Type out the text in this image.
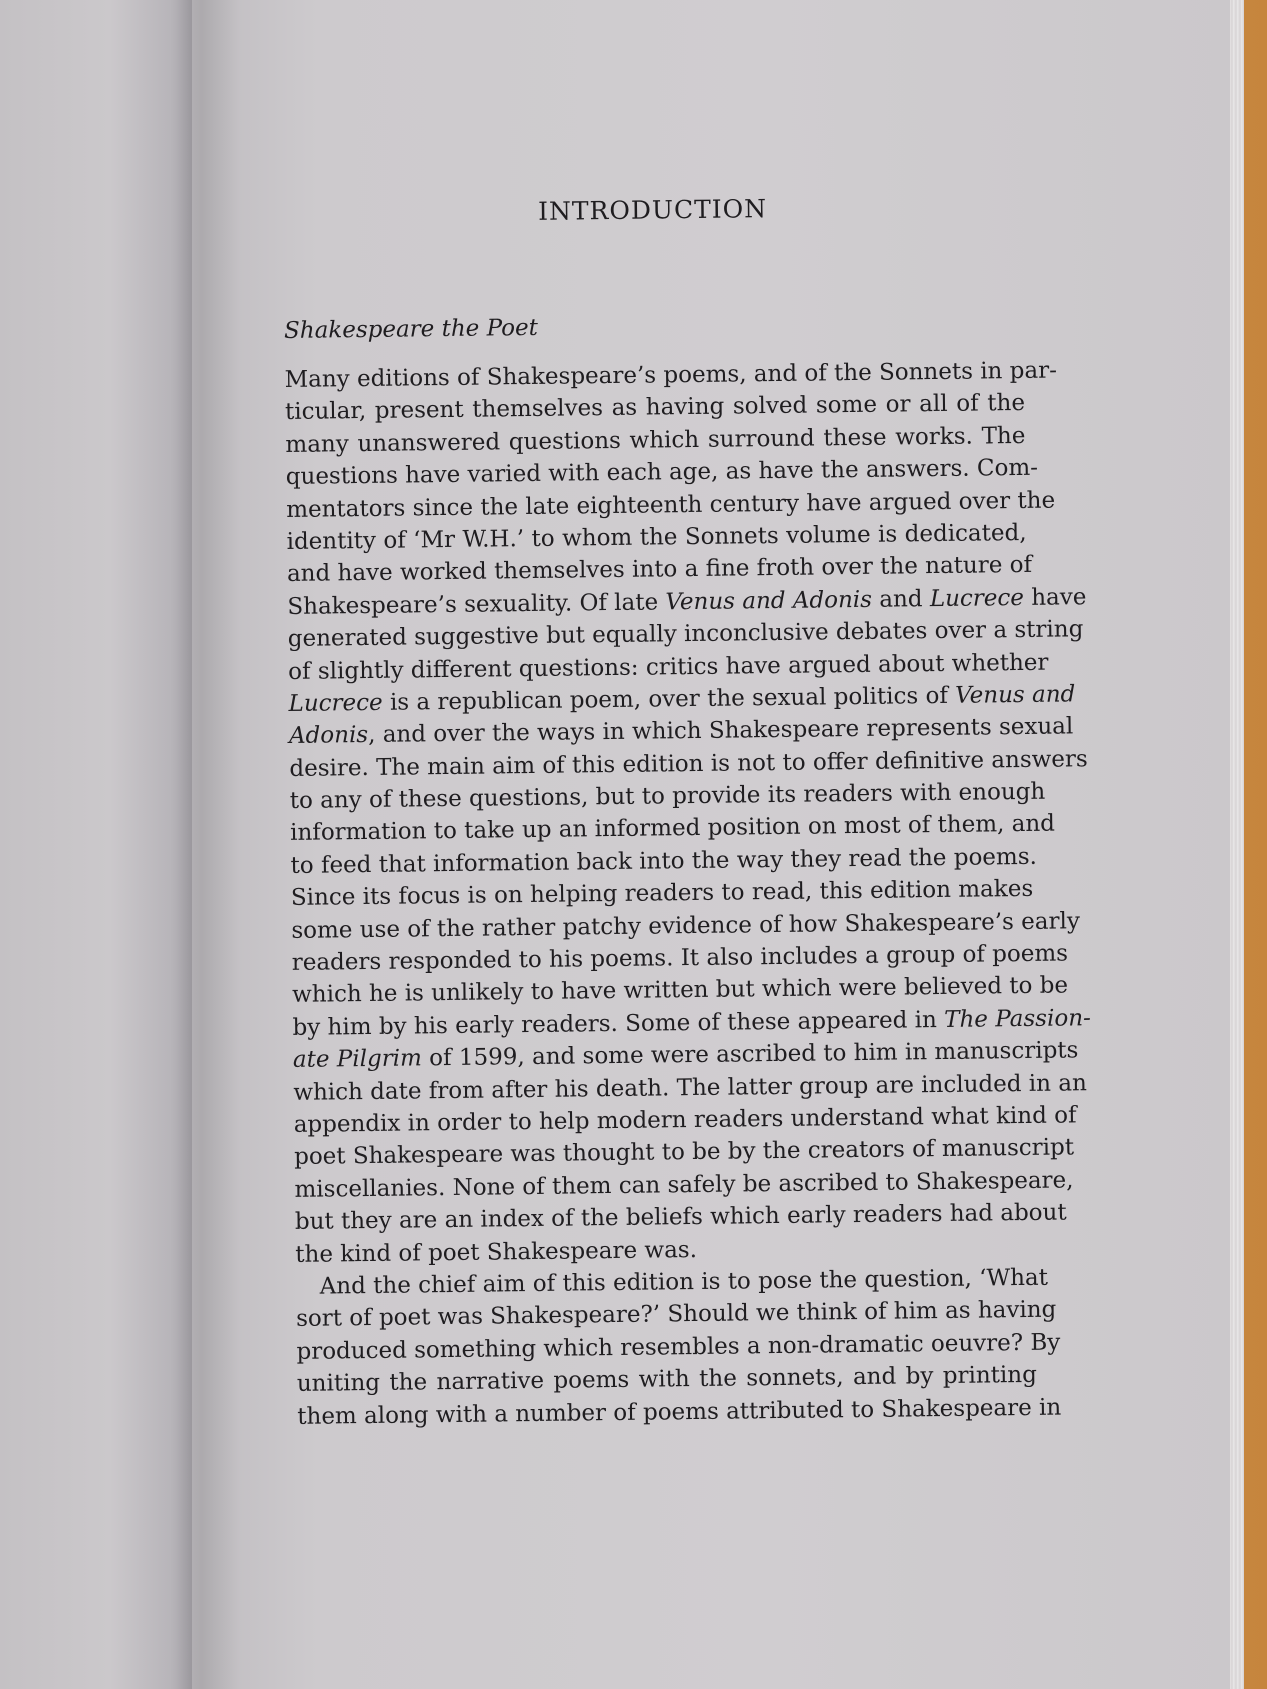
INTRODUCTION
Shakespeare the Poet
Many editions of Shakespeare’s poems, and of the Sonnets in par-
ticular, present themselves as having solved some or all of the
many unanswered questions which surround these works. The
questions have varied with each age, as have the answers. Com-
mentators since the late eighteenth century have argued over the
identity of ‘Mr W.H.’ to whom the Sonnets volume is dedicated,
and have worked themselves into a fine froth over the nature of
Shakespeare’s sexuality. Of late Venus and Adonis and Lucrece have
generated suggestive but equally inconclusive debates over a string
of slightly different questions: critics have argued about whether
Lucrece is a republican poem, over the sexual politics of Venus and
Adonis, and over the ways in which Shakespeare represents sexual
desire. The main aim of this edition is not to offer definitive answers
to any of these questions, but to provide its readers with enough
information to take up an informed position on most of them, and
to feed that information back into the way they read the poems.
Since its focus is on helping readers to read, this edition makes
some use of the rather patchy evidence of how Shakespeare’s early
readers responded to his poems. It also includes a group of poems
which he is unlikely to have written but which were believed to be
by him by his early readers. Some of these appeared in The Passion-
ate Pilgrim of 1599, and some were ascribed to him in manuscripts
which date from after his death. The latter group are included in an
appendix in order to help modern readers understand what kind of
poet Shakespeare was thought to be by the creators of manuscript
miscellanies. None of them can safely be ascribed to Shakespeare,
but they are an index of the beliefs which early readers had about
the kind of poet Shakespeare was.
And the chief aim of this edition is to pose the question, ‘What
sort of poet was Shakespeare?’ Should we think of him as having
produced something which resembles a non-dramatic oeuvre? By
uniting the narrative poems with the sonnets, and by printing
them along with a number of poems attributed to Shakespeare in
